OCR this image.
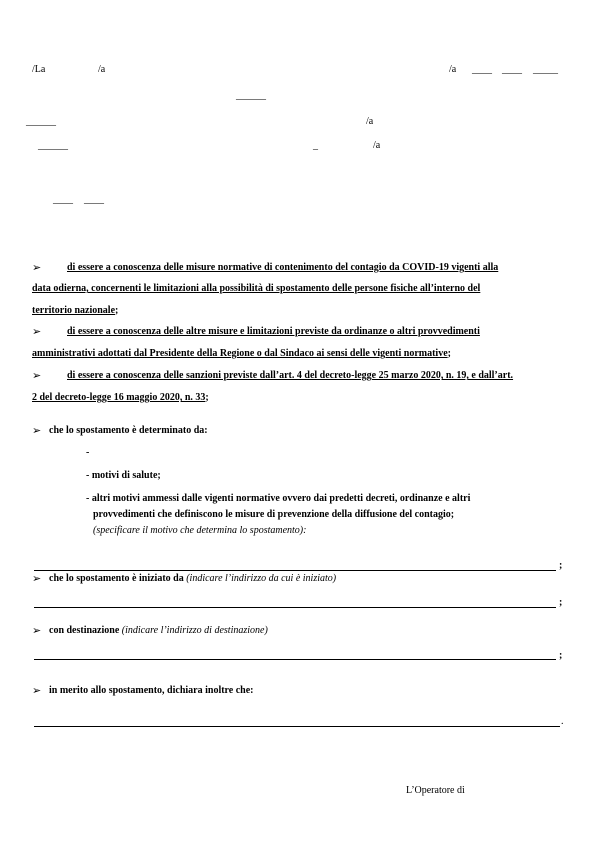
/La	/a	/a ____ ____ _____
______
______	/a
______	_	/a
____ ____
➢	di essere a conoscenza delle misure normative di contenimento del contagio da COVID-19 vigenti alla
data odierna, concernenti le limitazioni alla possibilità di spostamento delle persone fisiche all’interno del
territorio nazionale;
➢	di essere a conoscenza delle altre misure e limitazioni previste da ordinanze o altri provvedimenti
amministrativi adottati dal Presidente della Regione o dal Sindaco ai sensi delle vigenti normative;
➢	di essere a conoscenza delle sanzioni previste dall’art. 4 del decreto-legge 25 marzo 2020, n. 19, e dall’art.
2 del decreto-legge 16 maggio 2020, n. 33;
➢ che lo spostamento è determinato da:
-
- motivi di salute;
- altri motivi ammessi dalle vigenti normative ovvero dai predetti decreti, ordinanze e altri
provvedimenti che definiscono le misure di prevenzione della diffusione del contagio;
(specificare il motivo che determina lo spostamento):
;
➢ che lo spostamento è iniziato da (indicare l’indirizzo da cui è iniziato)
;
➢ con destinazione (indicare l’indirizzo di destinazione)
;
➢ in merito allo spostamento, dichiara inoltre che:
.
L’Operatore di
